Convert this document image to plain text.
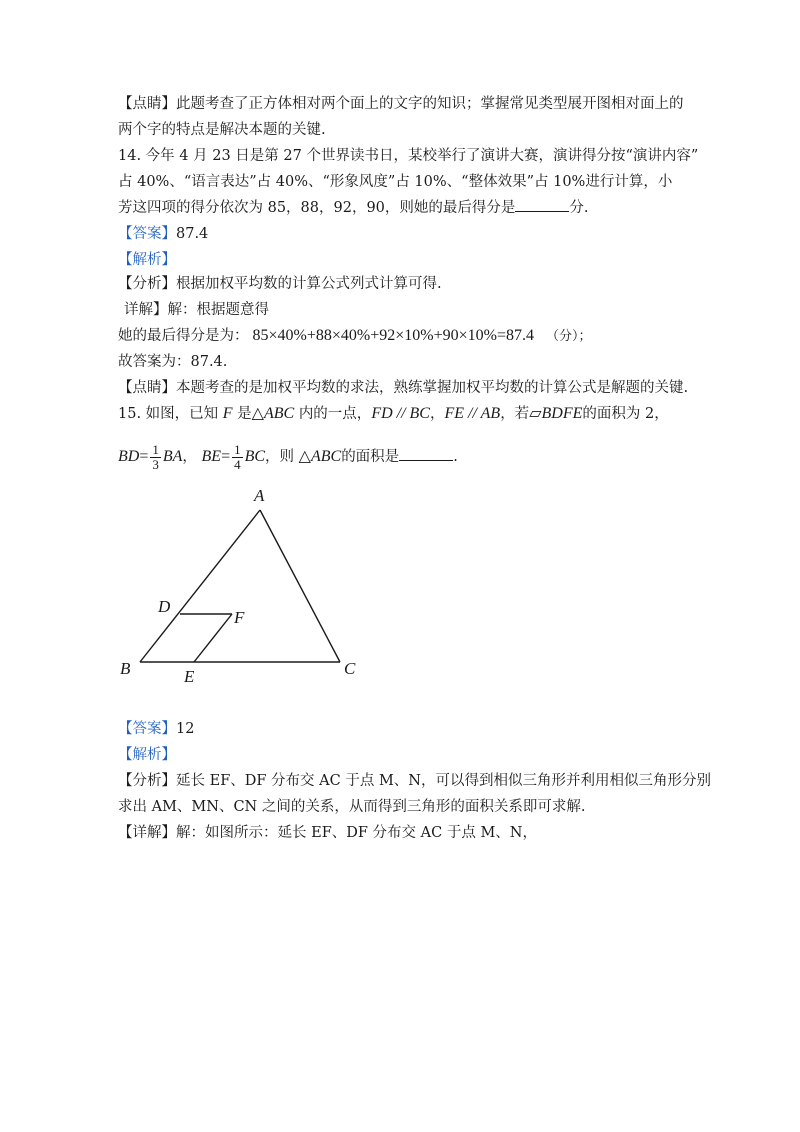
【点睛】此题考查了正方体相对两个面上的文字的知识；掌握常见类型展开图相对面上的
两个字的特点是解决本题的关键.
14. 今年 4 月 23 日是第 27 个世界读书日，某校举行了演讲大赛，演讲得分按“演讲内容”
占 40%、“语言表达”占 40%、“形象风度”占 10%、“整体效果”占 10%进行计算，小
芳这四项的得分依次为 85，88，92，90，则她的最后得分是	分.
【答案】87.4
【解析】
【分析】根据加权平均数的计算公式列式计算可得.
详解】解：根据题意得
她的最后得分是为： 85×40%+88×40%+92×10%+90×10%=87.4 （分）；
故答案为：87.4.
【点睛】本题考查的是加权平均数的求法，熟练掌握加权平均数的计算公式是解题的关键.
15. 如图，已知 F 是△ABC 内的一点，FD // BC，FE // AB，若▱BDFE的面积为 2，
$BD= \frac{1}{3}$ BA， $BE= \frac{1}{4}$ BC，则 △ABC的面积是	.
A
B	C
D
E
F
【答案】12
【解析】
【分析】延长 EF、DF 分布交 AC 于点 M、N，可以得到相似三角形并利用相似三角形分别
求出 AM、MN、CN 之间的关系，从而得到三角形的面积关系即可求解.
【详解】解：如图所示：延长 EF、DF 分布交 AC 于点 M、N，
